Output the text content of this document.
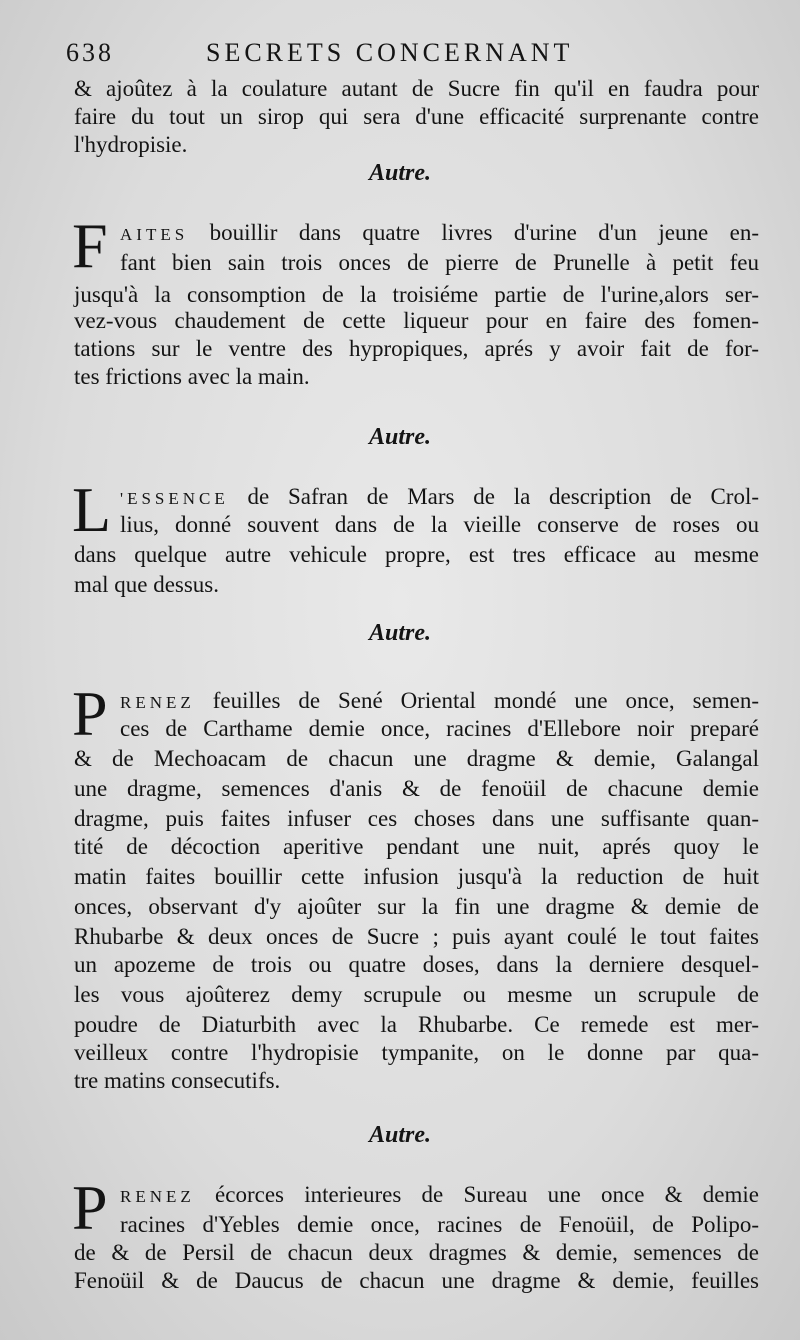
638	SECRETS CONCERNANT
& ajoûtez à la coulature autant de Sucre fin qu'il en faudra pour
faire du tout un sirop qui sera d'une efficacité surprenante contre
l'hydropisie.
Autre.
F AITES bouillir dans quatre livres d'urine d'un jeune en-
fant bien sain trois onces de pierre de Prunelle à petit feu
jusqu'à la consomption de la troisiéme partie de l'urine,alors ser-
vez-vous chaudement de cette liqueur pour en faire des fomen-
tations sur le ventre des hypropiques, aprés y avoir fait de for-
tes frictions avec la main.
Autre.
L 'ESSENCE de Safran de Mars de la description de Crol-
lius, donné souvent dans de la vieille conserve de roses ou
dans quelque autre vehicule propre, est tres efficace au mesme
mal que dessus.
Autre.
P RENEZ feuilles de Sené Oriental mondé une once, semen-
ces de Carthame demie once, racines d'Ellebore noir preparé
& de Mechoacam de chacun une dragme & demie, Galangal
une dragme, semences d'anis & de fenoüil de chacune demie
dragme, puis faites infuser ces choses dans une suffisante quan-
tité de décoction aperitive pendant une nuit, aprés quoy le
matin faites bouillir cette infusion jusqu'à la reduction de huit
onces, observant d'y ajoûter sur la fin une dragme & demie de
Rhubarbe & deux onces de Sucre ; puis ayant coulé le tout faites
un apozeme de trois ou quatre doses, dans la derniere desquel-
les vous ajoûterez demy scrupule ou mesme un scrupule de
poudre de Diaturbith avec la Rhubarbe. Ce remede est mer-
veilleux contre l'hydropisie tympanite, on le donne par qua-
tre matins consecutifs.
Autre.
P RENEZ écorces interieures de Sureau une once & demie
racines d'Yebles demie once, racines de Fenoüil, de Polipo-
de & de Persil de chacun deux dragmes & demie, semences de
Fenoüil & de Daucus de chacun une dragme & demie, feuilles
